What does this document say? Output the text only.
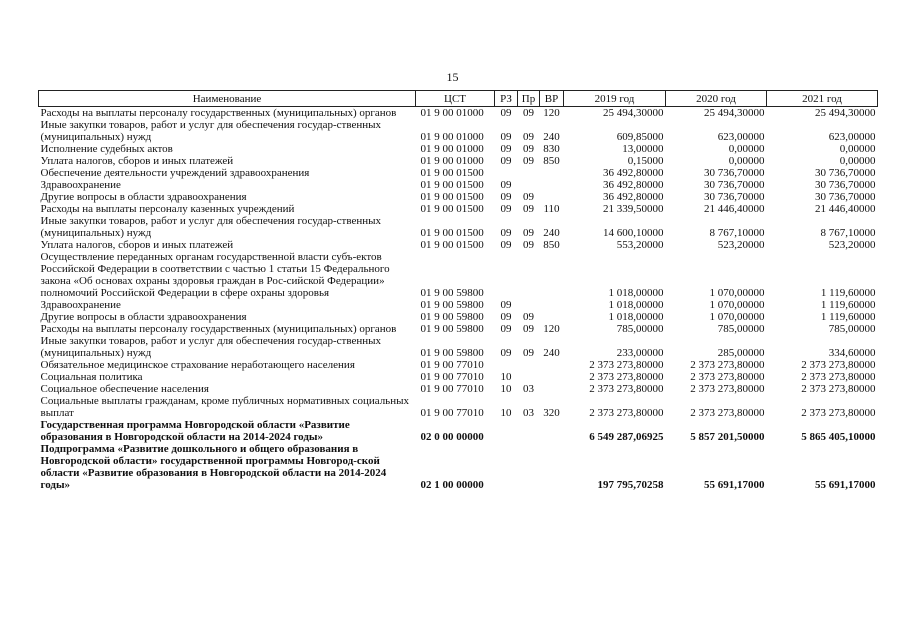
15
Наименование	ЦСТ	РЗ	Пр	ВР	2019 год	2020 год	2021 год
Расходы на выплаты персоналу государственных (муниципальных) органов	01 9 00 01000	09	09	120	25 494,30000	25 494,30000	25 494,30000
Иные закупки товаров, работ и услуг для обеспечения государ-ственных (муниципальных) нужд	01 9 00 01000	09	09	240	609,85000	623,00000	623,00000
Исполнение судебных актов	01 9 00 01000	09	09	830	13,00000	0,00000	0,00000
Уплата налогов, сборов и иных платежей	01 9 00 01000	09	09	850	0,15000	0,00000	0,00000
Обеспечение деятельности учреждений здравоохранения	01 9 00 01500				36 492,80000	30 736,70000	30 736,70000
Здравоохранение	01 9 00 01500	09			36 492,80000	30 736,70000	30 736,70000
Другие вопросы в области здравоохранения	01 9 00 01500	09	09		36 492,80000	30 736,70000	30 736,70000
Расходы на выплаты персоналу казенных учреждений	01 9 00 01500	09	09	110	21 339,50000	21 446,40000	21 446,40000
Иные закупки товаров, работ и услуг для обеспечения государ-ственных (муниципальных) нужд	01 9 00 01500	09	09	240	14 600,10000	8 767,10000	8 767,10000
Уплата налогов, сборов и иных платежей	01 9 00 01500	09	09	850	553,20000	523,20000	523,20000
Осуществление переданных органам государственной власти субъ-ектов Российской Федерации в соответствии с частью 1 статьи 15 Федерального закона «Об основах охраны здоровья граждан в Рос-сийской Федерации» полномочий Российской Федерации в сфере охраны здоровья	01 9 00 59800				1 018,00000	1 070,00000	1 119,60000
Здравоохранение	01 9 00 59800	09			1 018,00000	1 070,00000	1 119,60000
Другие вопросы в области здравоохранения	01 9 00 59800	09	09		1 018,00000	1 070,00000	1 119,60000
Расходы на выплаты персоналу государственных (муниципальных) органов	01 9 00 59800	09	09	120	785,00000	785,00000	785,00000
Иные закупки товаров, работ и услуг для обеспечения государ-ственных (муниципальных) нужд	01 9 00 59800	09	09	240	233,00000	285,00000	334,60000
Обязательное медицинское страхование неработающего населения	01 9 00 77010				2 373 273,80000	2 373 273,80000	2 373 273,80000
Социальная политика	01 9 00 77010	10			2 373 273,80000	2 373 273,80000	2 373 273,80000
Социальное обеспечение населения	01 9 00 77010	10	03		2 373 273,80000	2 373 273,80000	2 373 273,80000
Социальные выплаты гражданам, кроме публичных нормативных социальных выплат	01 9 00 77010	10	03	320	2 373 273,80000	2 373 273,80000	2 373 273,80000
Государственная программа Новгородской области «Развитие образования в Новгородской области на 2014-2024 годы»	02 0 00 00000				6 549 287,06925	5 857 201,50000	5 865 405,10000
Подпрограмма «Развитие дошкольного и общего образования в Новгородской области» государственной программы Новгород-ской области «Развитие образования в Новгородской области на 2014-2024 годы»	02 1 00 00000				197 795,70258	55 691,17000	55 691,17000
